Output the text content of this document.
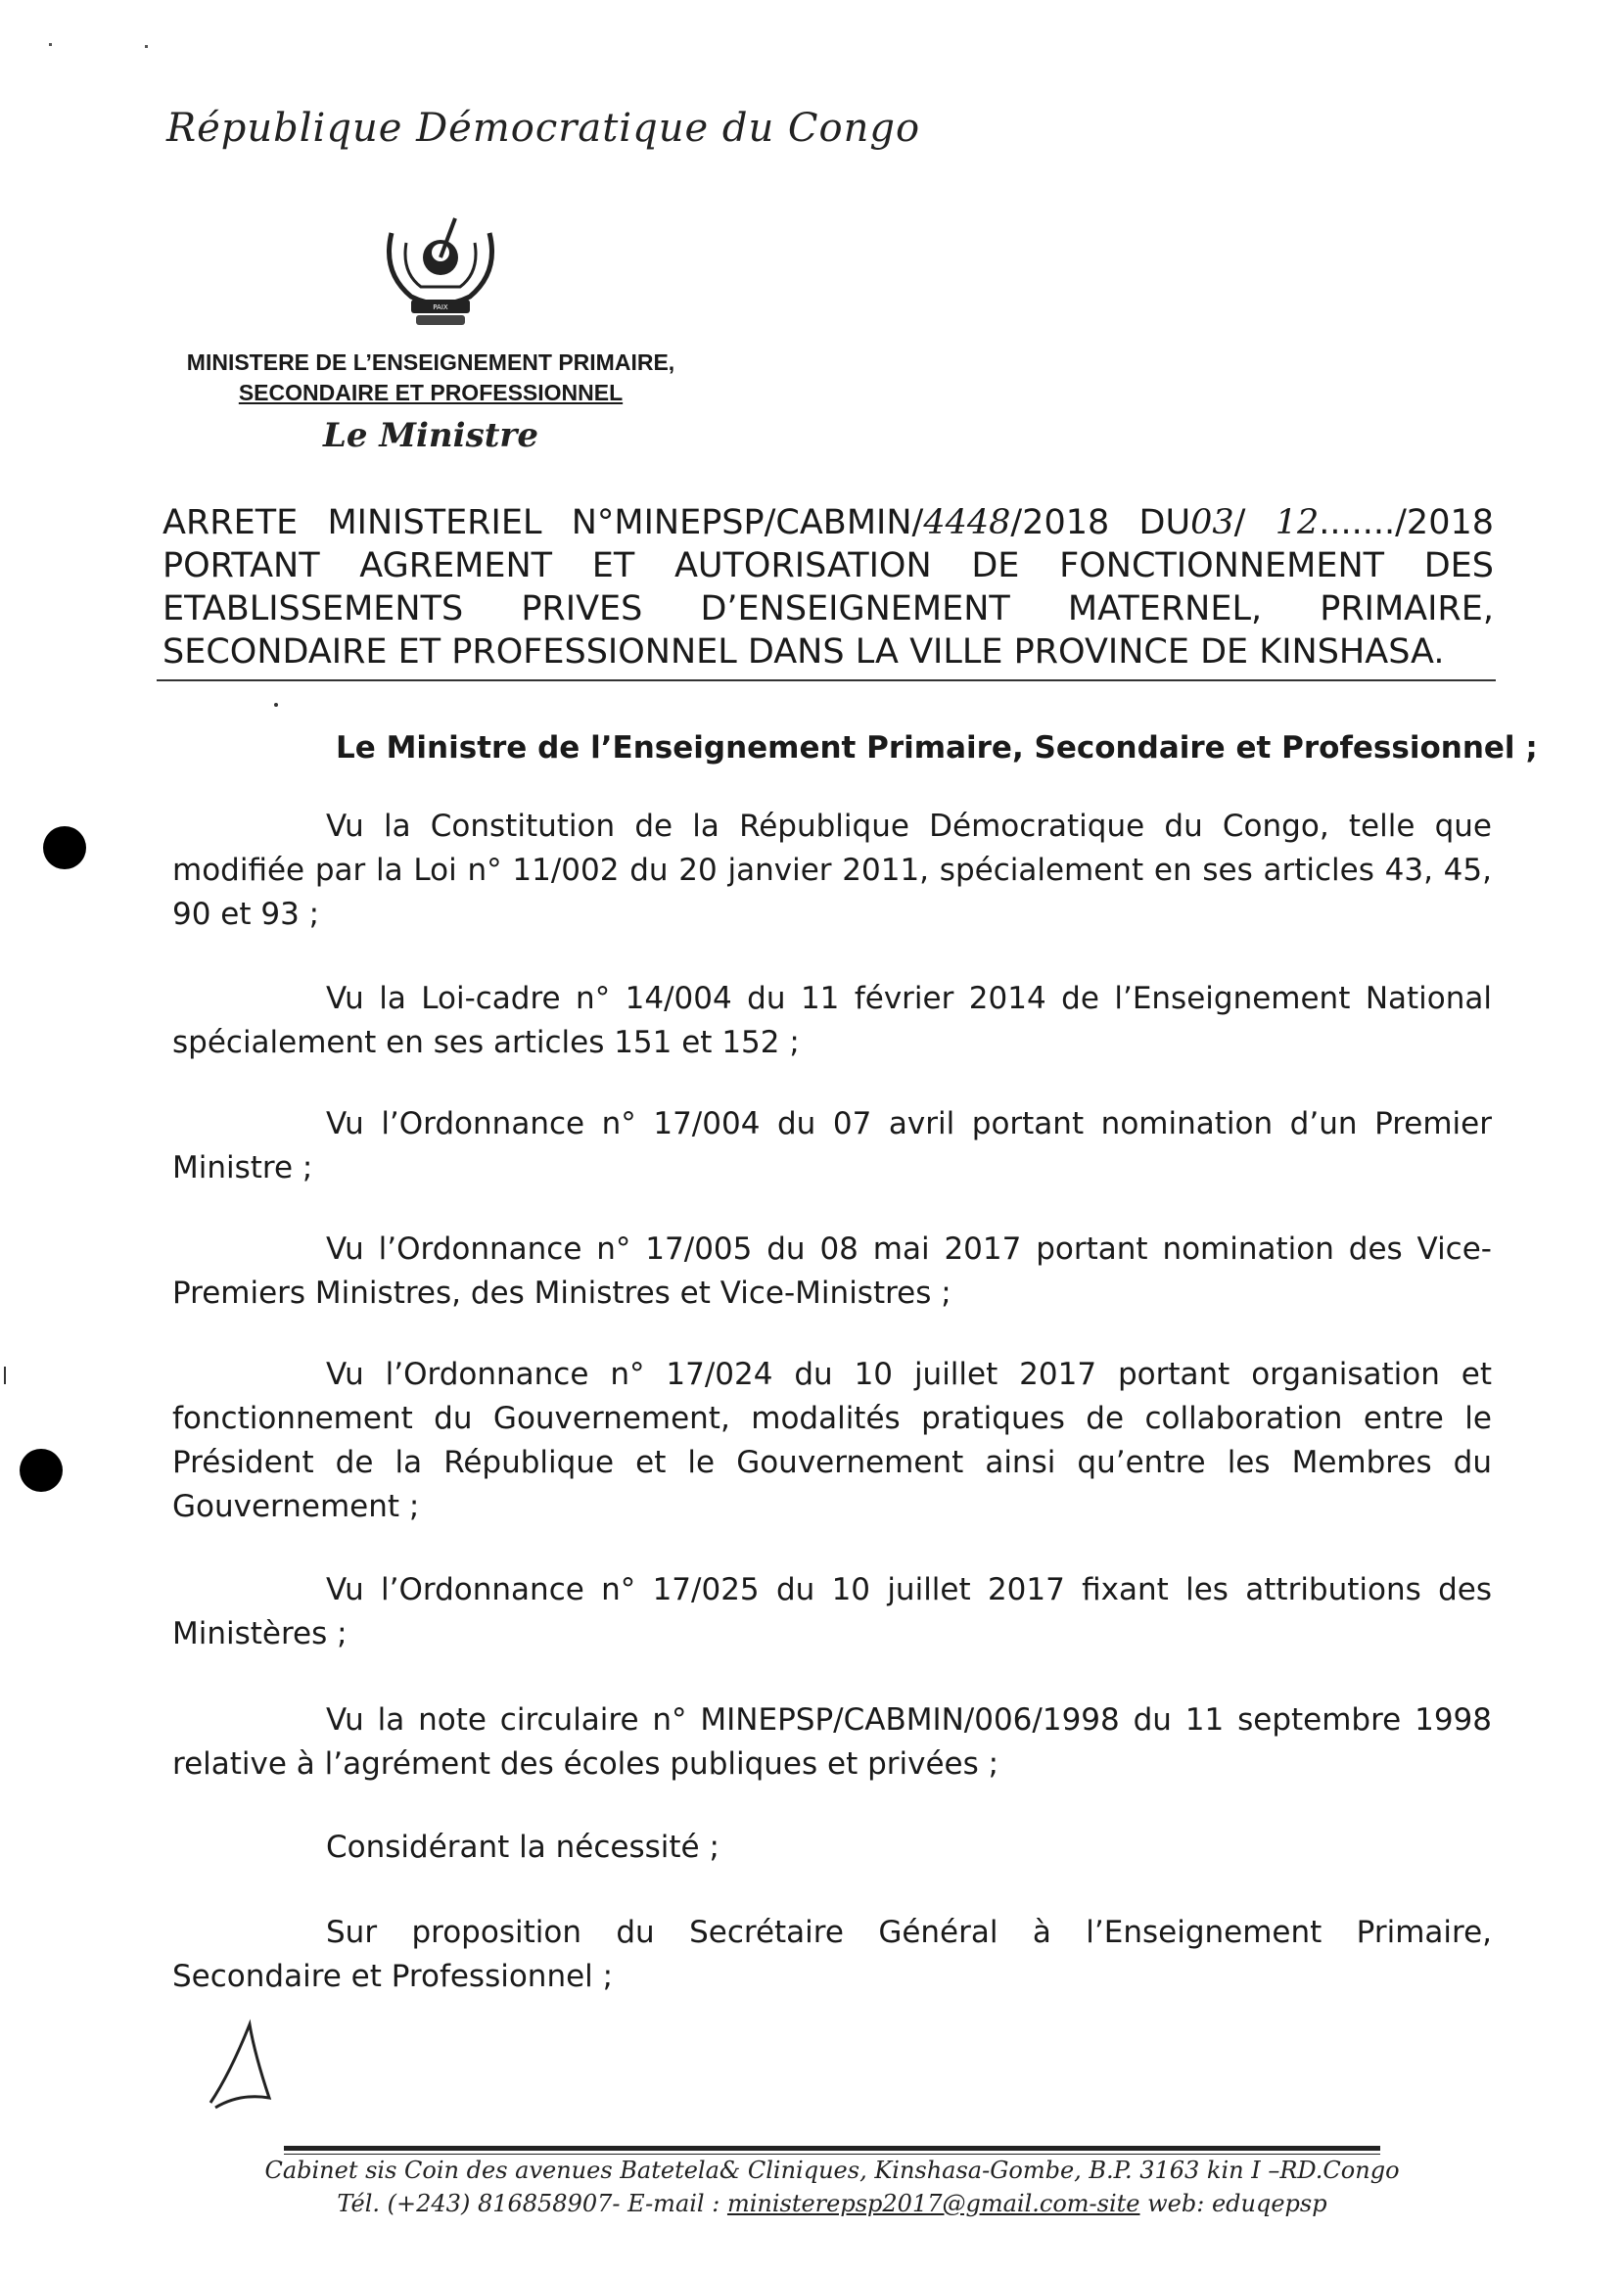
République Démocratique du Congo
PAIX
MINISTERE DE L’ENSEIGNEMENT PRIMAIRE,
SECONDAIRE ET PROFESSIONNEL
Le Ministre
ARRETE MINISTERIEL N°MINEPSP/CABMIN/4448/2018 DU03/ 12......./2018
PORTANT AGREMENT ET AUTORISATION DE FONCTIONNEMENT DES
ETABLISSEMENTS PRIVES D’ENSEIGNEMENT MATERNEL, PRIMAIRE,
SECONDAIRE ET PROFESSIONNEL DANS LA VILLE PROVINCE DE KINSHASA.
Le Ministre de l’Enseignement Primaire, Secondaire et Professionnel ;

Vu la Constitution de la République Démocratique du Congo, telle que modifiée par la Loi n° 11/002 du 20 janvier 2011, spécialement en ses articles 43, 45, 90 et 93 ;

Vu la Loi-cadre n° 14/004 du 11 février 2014 de l’Enseignement National spécialement en ses articles 151 et 152 ;

Vu l’Ordonnance n° 17/004 du 07 avril portant nomination d’un Premier Ministre ;

Vu l’Ordonnance n° 17/005 du 08 mai 2017 portant nomination des Vice-Premiers Ministres, des Ministres et Vice-Ministres ;

Vu l’Ordonnance n° 17/024 du 10 juillet 2017 portant organisation et fonctionnement du Gouvernement, modalités pratiques de collaboration entre le Président de la République et le Gouvernement ainsi qu’entre les Membres du Gouvernement ;

Vu l’Ordonnance n° 17/025 du 10 juillet 2017 fixant les attributions des Ministères ;

Vu la note circulaire n° MINEPSP/CABMIN/006/1998 du 11 septembre 1998 relative à l’agrément des écoles publiques et privées ;

Considérant la nécessité ;

Sur proposition du Secrétaire Général à l’Enseignement Primaire, Secondaire et Professionnel ;

Cabinet sis Coin des avenues Batetela& Cliniques, Kinshasa-Gombe, B.P. 3163 kin I –RD.Congo
Tél. (+243) 816858907- E-mail : ministerepsp2017@gmail.com-site web: eduqepsp
